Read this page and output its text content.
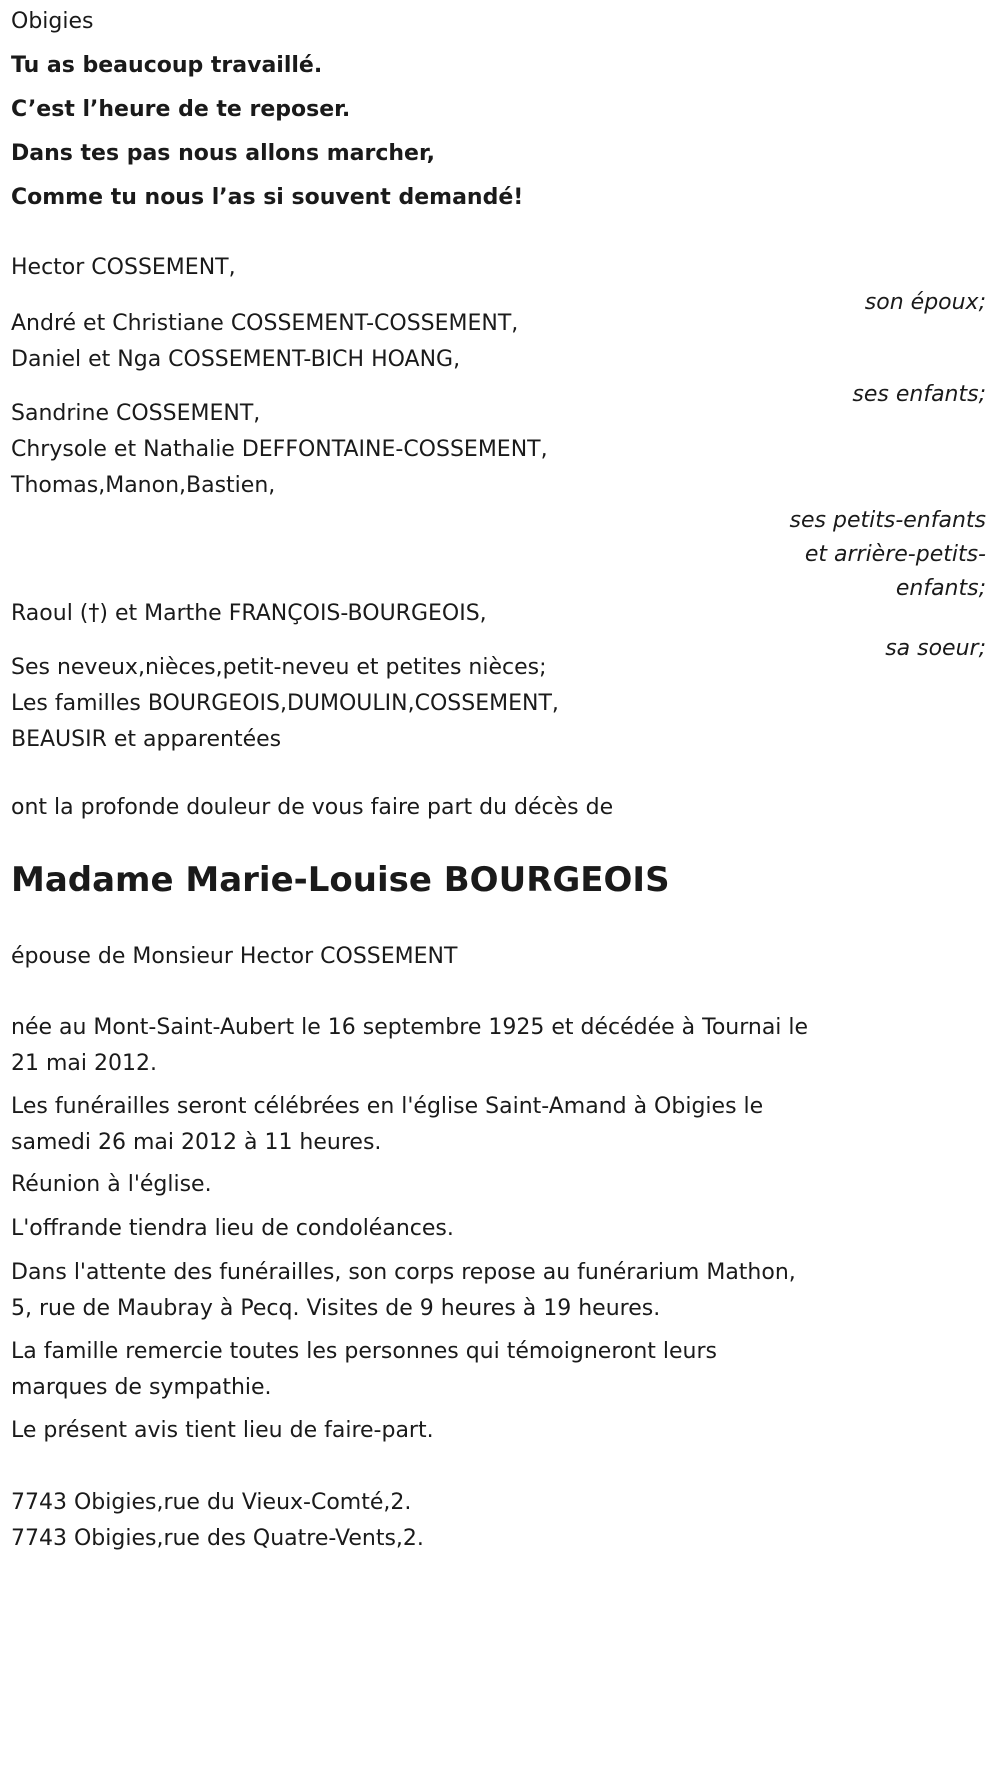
Obigies
Tu as beaucoup travaillé.
C’est l’heure de te reposer.
Dans tes pas nous allons marcher,
Comme tu nous l’as si souvent demandé!
Hector COSSEMENT,
son époux;
André et Christiane COSSEMENT-COSSEMENT,
Daniel et Nga COSSEMENT-BICH HOANG,
ses enfants;
Sandrine COSSEMENT,
Chrysole et Nathalie DEFFONTAINE-COSSEMENT,
Thomas,Manon,Bastien,
ses petits-enfants
et arrière-petits-
enfants;
Raoul (†) et Marthe FRANÇOIS-BOURGEOIS,
sa soeur;
Ses neveux,nièces,petit-neveu et petites nièces;
Les familles BOURGEOIS,DUMOULIN,COSSEMENT,
BEAUSIR et apparentées
ont la profonde douleur de vous faire part du décès de
Madame Marie-Louise BOURGEOIS
épouse de Monsieur Hector COSSEMENT
née au Mont-Saint-Aubert le 16 septembre 1925 et décédée à Tournai le
21 mai 2012.
Les funérailles seront célébrées en l'église Saint-Amand à Obigies le
samedi 26 mai 2012 à 11 heures.
Réunion à l'église.
L'offrande tiendra lieu de condoléances.
Dans l'attente des funérailles, son corps repose au funérarium Mathon,
5, rue de Maubray à Pecq. Visites de 9 heures à 19 heures.
La famille remercie toutes les personnes qui témoigneront leurs
marques de sympathie.
Le présent avis tient lieu de faire-part.
7743 Obigies,rue du Vieux-Comté,2.
7743 Obigies,rue des Quatre-Vents,2.
